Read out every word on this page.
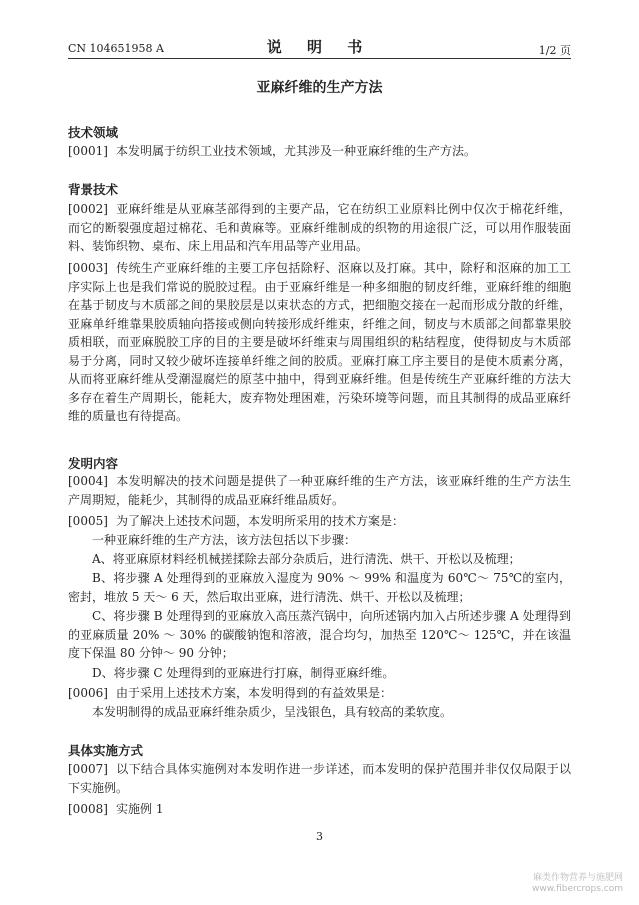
CN 104651958 A	说 明 书	1/2 页
亚麻纤维的生产方法
技术领域
[0001] 本发明属于纺织工业技术领域，尤其涉及一种亚麻纤维的生产方法。
背景技术
[0002] 亚麻纤维是从亚麻茎部得到的主要产品，它在纺织工业原料比例中仅次于棉花纤维，而它的断裂强度超过棉花、毛和黄麻等。亚麻纤维制成的织物的用途很广泛，可以用作服装面料、装饰织物、桌布、床上用品和汽车用品等产业用品。
[0003] 传统生产亚麻纤维的主要工序包括除籽、沤麻以及打麻。其中，除籽和沤麻的加工工序实际上也是我们常说的脱胶过程。由于亚麻纤维是一种多细胞的韧皮纤维，亚麻纤维的细胞在基于韧皮与木质部之间的果胶层是以束状态的方式，把细胞交接在一起而形成分散的纤维，亚麻单纤维靠果胶质轴向搭接或侧向转接形成纤维束，纤维之间，韧皮与木质部之间都靠果胶质相联，而亚麻脱胶工序的目的主要是破坏纤维束与周围组织的粘结程度，使得韧皮与木质部易于分离，同时又较少破坏连接单纤维之间的胶质。亚麻打麻工序主要目的是使木质素分离，从而将亚麻纤维从受潮湿腐烂的原茎中抽中，得到亚麻纤维。但是传统生产亚麻纤维的方法大多存在着生产周期长，能耗大，废弃物处理困难，污染环境等问题，而且其制得的成品亚麻纤维的质量也有待提高。
发明内容
[0004] 本发明解决的技术问题是提供了一种亚麻纤维的生产方法，该亚麻纤维的生产方法生产周期短，能耗少，其制得的成品亚麻纤维品质好。
[0005] 为了解决上述技术问题，本发明所采用的技术方案是：
一种亚麻纤维的生产方法，该方法包括以下步骤：
A、将亚麻原材料经机械搓揉除去部分杂质后，进行清洗、烘干、开松以及梳理；
B、将步骤 A 处理得到的亚麻放入湿度为 90% ～ 99% 和温度为 60℃～ 75℃的室内，密封，堆放 5 天～ 6 天，然后取出亚麻，进行清洗、烘干、开松以及梳理；
C、将步骤 B 处理得到的亚麻放入高压蒸汽锅中，向所述锅内加入占所述步骤 A 处理得到的亚麻质量 20% ～ 30% 的碳酸钠饱和溶液，混合均匀，加热至 120℃～ 125℃，并在该温度下保温 80 分钟～ 90 分钟；
D、将步骤 C 处理得到的亚麻进行打麻，制得亚麻纤维。
[0006] 由于采用上述技术方案，本发明得到的有益效果是：
本发明制得的成品亚麻纤维杂质少，呈浅银色，具有较高的柔软度。
具体实施方式
[0007] 以下结合具体实施例对本发明作进一步详述，而本发明的保护范围并非仅仅局限于以下实施例。
[0008] 实施例 1
3
麻类作物营养与施肥网
www.fibercrops.com
